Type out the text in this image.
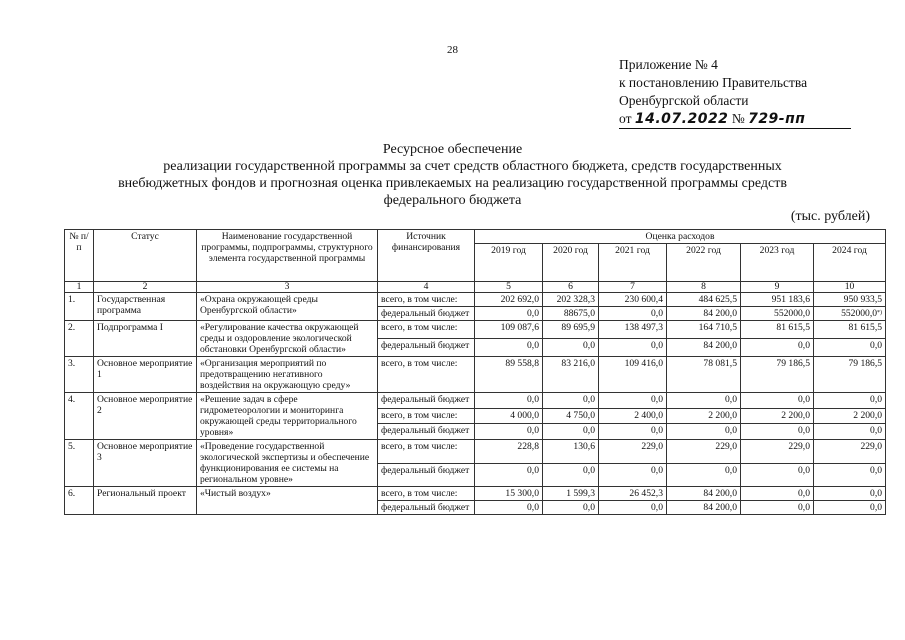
28
Приложение № 4
к постановлению Правительства
Оренбургской области
от 14.07.2022 № 729-пп
Ресурсное обеспечение
реализации государственной программы за счет средств областного бюджета, средств государственных
внебюджетных фондов и прогнозная оценка привлекаемых на реализацию государственной программы средств
федерального бюджета
(тыс. рублей)
№ п/п	Статус	Наименование государственной программы, подпрограммы, структурного элемента государственной программы	Источник финансирования	Оценка расходов					
				2019 год	2020 год	2021 год	2022 год	2023 год	2024 год
1	2	3	4	5	6	7	8	9	10
1.	Государственная программа	«Охрана окружающей среды Оренбургской области»	всего, в том числе:	202 692,0	202 328,3	230 600,4	484 625,5	951 183,6	950 933,5
			федеральный бюджет	0,0	88675,0	0,0	84 200,0	552000,0	552000,0*)
2.	Подпрограмма I	«Регулирование качества окружающей среды и оздоровление экологической обстановки Оренбургской области»	всего, в том числе:	109 087,6	89 695,9	138 497,3	164 710,5	81 615,5	81 615,5
			федеральный бюджет	0,0	0,0	0,0	84 200,0	0,0	0,0
3.	Основное мероприятие 1	«Организация мероприятий по предотвращению негативного воздействия на окружающую среду»	всего, в том числе:	89 558,8	83 216,0	109 416,0	78 081,5	79 186,5	79 186,5
4.	Основное мероприятие 2	«Решение задач в сфере гидрометеорологии и мониторинга окружающей среды территориального уровня»	федеральный бюджет	0,0	0,0	0,0	0,0	0,0	0,0
			всего, в том числе:	4 000,0	4 750,0	2 400,0	2 200,0	2 200,0	2 200,0
			федеральный бюджет	0,0	0,0	0,0	0,0	0,0	0,0
5.	Основное мероприятие 3	«Проведение государственной экологической экспертизы и обеспечение функционирования ее системы на региональном уровне»	всего, в том числе:	228,8	130,6	229,0	229,0	229,0	229,0
			федеральный бюджет	0,0	0,0	0,0	0,0	0,0	0,0
6.	Региональный проект	«Чистый воздух»	всего, в том числе:	15 300,0	1 599,3	26 452,3	84 200,0	0,0	0,0
			федеральный бюджет	0,0	0,0	0,0	84 200,0	0,0	0,0
